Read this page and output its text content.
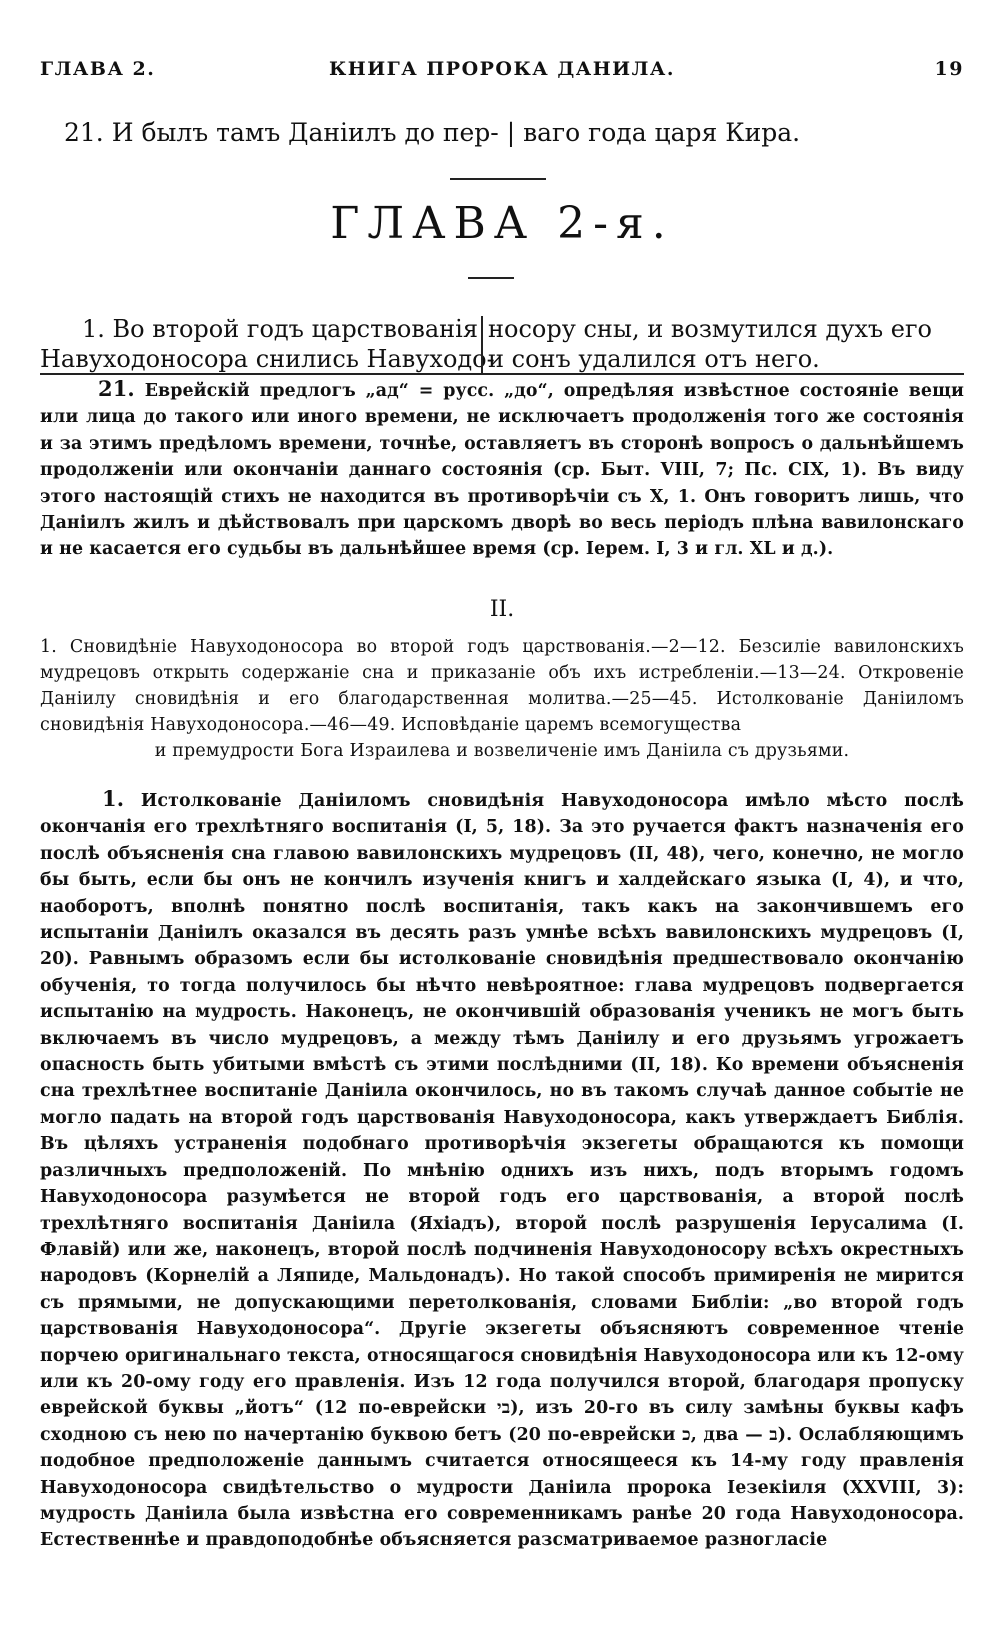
ГЛАВА 2.	КНИГА ПРОРОКА ДАНИЛА.	19
21. И былъ тамъ Даніилъ до пер- | ваго года царя Кира.
ГЛАВА 2-я.
1. Во второй годъ царствованія
Навуходоносора снились Навуходо-
носору сны, и возмутился духъ его
и сонъ удалился отъ него.
21. Еврейскій предлогъ „ад“ = русс. „до“, опредѣляя извѣстное состояніе вещи или лица до такого или иного времени, не исключаетъ продолженія того же состоянія и за этимъ предѣломъ времени, точнѣе, оставляетъ въ сторонѣ вопросъ о дальнѣйшемъ продолженіи или окончаніи даннаго состоянія (ср. Быт. VIII, 7; Пс. CIX, 1). Въ виду этого настоящій стихъ не находится въ противорѣчіи съ X, 1. Онъ говоритъ лишь, что Даніилъ жилъ и дѣйствовалъ при царскомъ дворѣ во весь періодъ плѣна вавилонскаго и не касается его судьбы въ дальнѣйшее время (ср. Іерем. I, 3 и гл. XL и д.).
II.
1. Сновидѣніе Навуходоносора во второй годъ царствованія.—2—12. Безсиліе вавилонскихъ мудрецовъ открыть содержаніе сна и приказаніе объ ихъ истребленіи.—13—24. Откровеніе Даніилу сновидѣнія и его благодарственная молитва.—25—45. Истолкованіе Даніиломъ сновидѣнія Навуходоносора.—46—49. Исповѣданіе царемъ всемогущества
и премудрости Бога Израилева и возвеличеніе имъ Даніила съ друзьями.
1. Истолкованіе Даніиломъ сновидѣнія Навуходоносора имѣло мѣсто послѣ окончанія его трехлѣтняго воспитанія (I, 5, 18). За это ручается фактъ назначенія его послѣ объясненія сна главою вавилонскихъ мудрецовъ (II, 48), чего, конечно, не могло бы быть, если бы онъ не кончилъ изученія книгъ и халдейскаго языка (I, 4), и что, наоборотъ, вполнѣ понятно послѣ воспитанія, такъ какъ на закончившемъ его испытаніи Даніилъ оказался въ десять разъ умнѣе всѣхъ вавилонскихъ мудрецовъ (I, 20). Равнымъ образомъ если бы истолкованіе сновидѣнія предшествовало окончанію обученія, то тогда получилось бы нѣчто невѣроятное: глава мудрецовъ подвергается испытанію на мудрость. Наконецъ, не окончившій образованія ученикъ не могъ быть включаемъ въ число мудрецовъ, а между тѣмъ Даніилу и его друзьямъ угрожаетъ опасность быть убитыми вмѣстѣ съ этими послѣдними (II, 18). Ко времени объясненія сна трехлѣтнее воспитаніе Даніила окончилось, но въ такомъ случаѣ данное событіе не могло падать на второй годъ царствованія Навуходоносора, какъ утверждаетъ Библія. Въ цѣляхъ устраненія подобнаго противорѣчія экзегеты обращаются къ помощи различныхъ предположеній. По мнѣнію однихъ изъ нихъ, подъ вторымъ годомъ Навуходоносора разумѣется не второй годъ его царствованія, а второй послѣ трехлѣтняго воспитанія Даніила (Яхіадъ), второй послѣ разрушенія Іерусалима (І. Флавій) или же, наконецъ, второй послѣ подчиненія Навуходоносору всѣхъ окрестныхъ народовъ (Корнелій а Ляпиде, Мальдонадъ). Но такой способъ примиренія не мирится съ прямыми, не допускающими перетолкованія, словами Библіи: „во второй годъ царствованія Навуходоносора“. Другіе экзегеты объясняютъ современное чтеніе порчею оригинальнаго текста, относящагося сновидѣнія Навуходоносора или къ 12-ому или къ 20-ому году его правленія. Изъ 12 года получился второй, благодаря пропуску еврейской буквы „йотъ“ (12 по-еврейски בי), изъ 20-го въ силу замѣны буквы кафъ сходною съ нею по начертанію буквою бетъ (20 по-еврейски כ, два — ב). Ослабляющимъ подобное предположеніе даннымъ считается относящееся къ 14-му году правленія Навуходоносора свидѣтельство о мудрости Даніила пророка Іезекіиля (XXVIII, 3): мудрость Даніила была извѣстна его современникамъ ранѣе 20 года Навуходоносора. Естественнѣе и правдоподобнѣе объясняется разсматриваемое разногласіе
